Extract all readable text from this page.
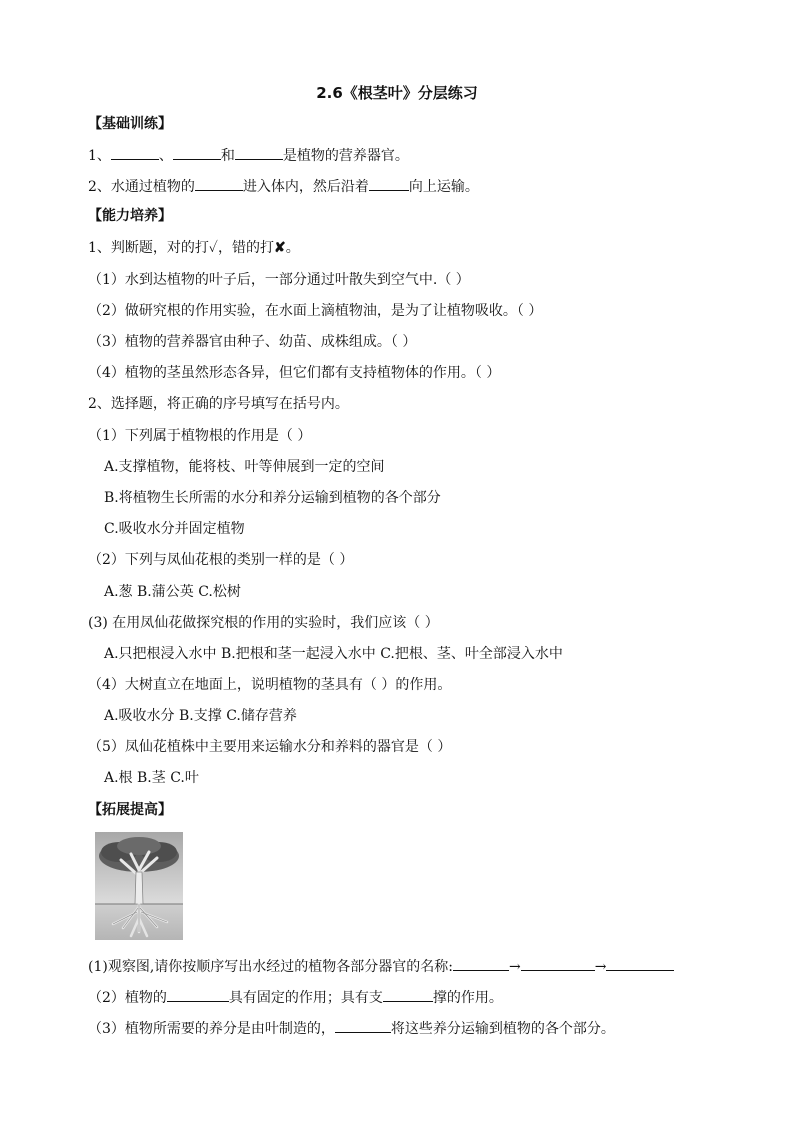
2.6《根茎叶》分层练习
【基础训练】
1、	、	和	是植物的营养器官。
2、水通过植物的	进入体内，然后沿着	向上运输。
【能力培养】
1、判断题，对的打✓，错的打✘。
（1）水到达植物的叶子后，一部分通过叶散失到空气中.（ ）
（2）做研究根的作用实验，在水面上滴植物油，是为了让植物吸收。（ ）
（3）植物的营养器官由种子、幼苗、成株组成。（ ）
（4）植物的茎虽然形态各异，但它们都有支持植物体的作用。（ ）
2、选择题，将正确的序号填写在括号内。
（1）下列属于植物根的作用是（ ）
A.支撑植物，能将枝、叶等伸展到一定的空间
B.将植物生长所需的水分和养分运输到植物的各个部分
C.吸收水分并固定植物
（2）下列与凤仙花根的类别一样的是（ ）
A.葱 B.蒲公英 C.松树
(3) 在用凤仙花做探究根的作用的实验时，我们应该（ ）
A.只把根浸入水中 B.把根和茎一起浸入水中 C.把根、茎、叶全部浸入水中
（4）大树直立在地面上，说明植物的茎具有（ ）的作用。
A.吸收水分 B.支撑 C.储存营养
（5）凤仙花植株中主要用来运输水分和养料的器官是（ ）
A.根 B.茎 C.叶
【拓展提高】
(1)观察图,请你按顺序写出水经过的植物各部分器官的名称:	→	→
（2）植物的	具有固定的作用；具有支	撑的作用。
（3）植物所需要的养分是由叶制造的，	将这些养分运输到植物的各个部分。
